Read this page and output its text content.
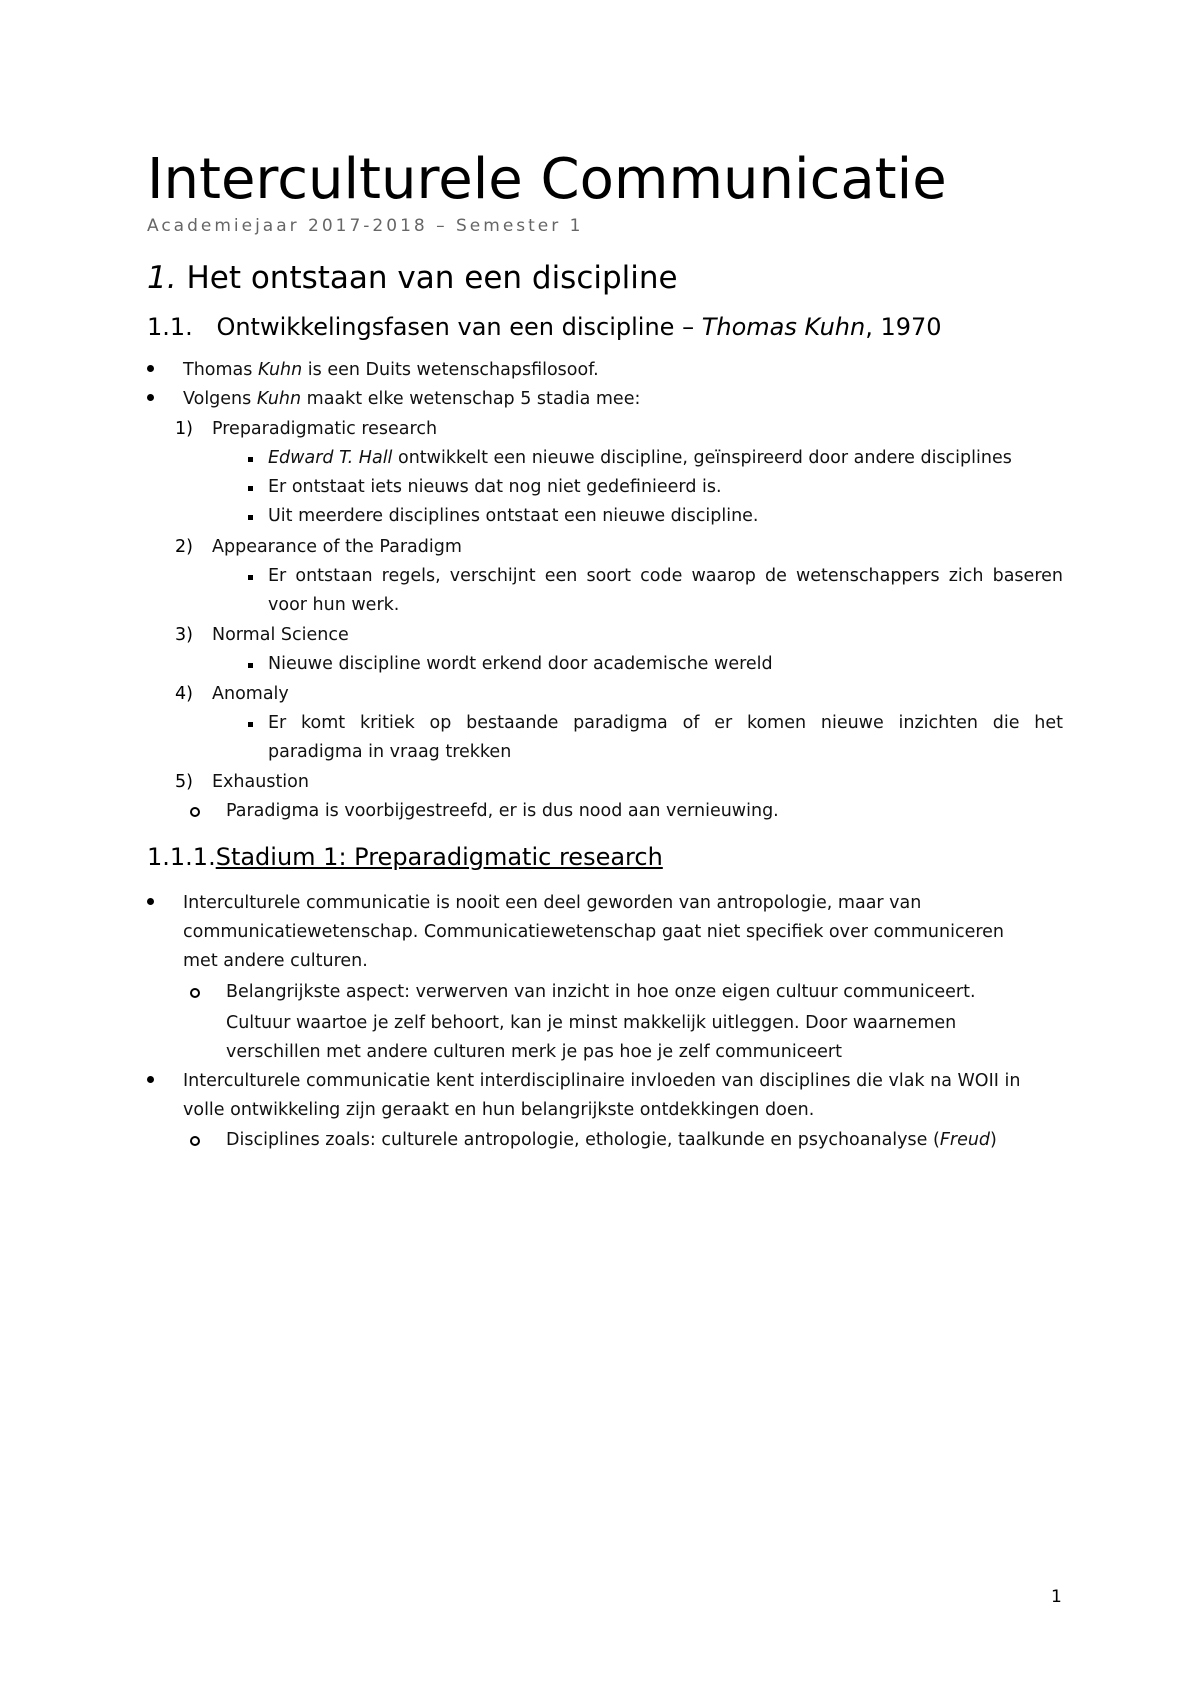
Interculturele Communicatie
Academiejaar 2017-2018 – Semester 1
1. Het ontstaan van een discipline
1.1. Ontwikkelingsfasen van een discipline – Thomas Kuhn, 1970
Thomas Kuhn is een Duits wetenschapsfilosoof.
Volgens Kuhn maakt elke wetenschap 5 stadia mee:
1) Preparadigmatic research
Edward T. Hall ontwikkelt een nieuwe discipline, geïnspireerd door andere disciplines
Er ontstaat iets nieuws dat nog niet gedefinieerd is.
Uit meerdere disciplines ontstaat een nieuwe discipline.
2) Appearance of the Paradigm
Er ontstaan regels, verschijnt een soort code waarop de wetenschappers zich baseren
voor hun werk.
3) Normal Science
Nieuwe discipline wordt erkend door academische wereld
4) Anomaly
Er komt kritiek op bestaande paradigma of er komen nieuwe inzichten die het
paradigma in vraag trekken
5) Exhaustion
Paradigma is voorbijgestreefd, er is dus nood aan vernieuwing.
1.1.1.Stadium 1: Preparadigmatic research
Interculturele communicatie is nooit een deel geworden van antropologie, maar van
communicatiewetenschap. Communicatiewetenschap gaat niet specifiek over communiceren
met andere culturen.
Belangrijkste aspect: verwerven van inzicht in hoe onze eigen cultuur communiceert.
Cultuur waartoe je zelf behoort, kan je minst makkelijk uitleggen. Door waarnemen
verschillen met andere culturen merk je pas hoe je zelf communiceert
Interculturele communicatie kent interdisciplinaire invloeden van disciplines die vlak na WOII in
volle ontwikkeling zijn geraakt en hun belangrijkste ontdekkingen doen.
Disciplines zoals: culturele antropologie, ethologie, taalkunde en psychoanalyse (Freud)
1
